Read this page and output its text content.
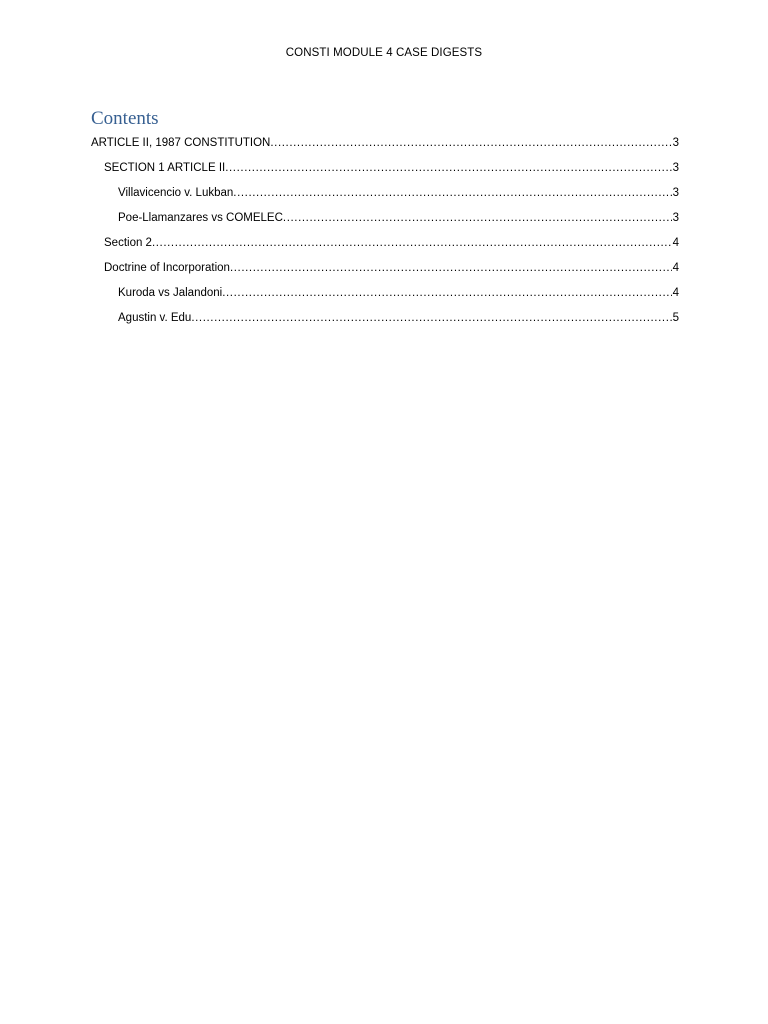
CONSTI MODULE 4 CASE DIGESTS
Contents
ARTICLE II, 1987 CONSTITUTION .....	3
SECTION 1 ARTICLE II .....	3
Villavicencio v. Lukban .....	3
Poe-Llamanzares vs COMELEC .....	3
Section 2 .....	4
Doctrine of Incorporation .....	4
Kuroda vs Jalandoni .....	4
Agustin v. Edu .....	5
